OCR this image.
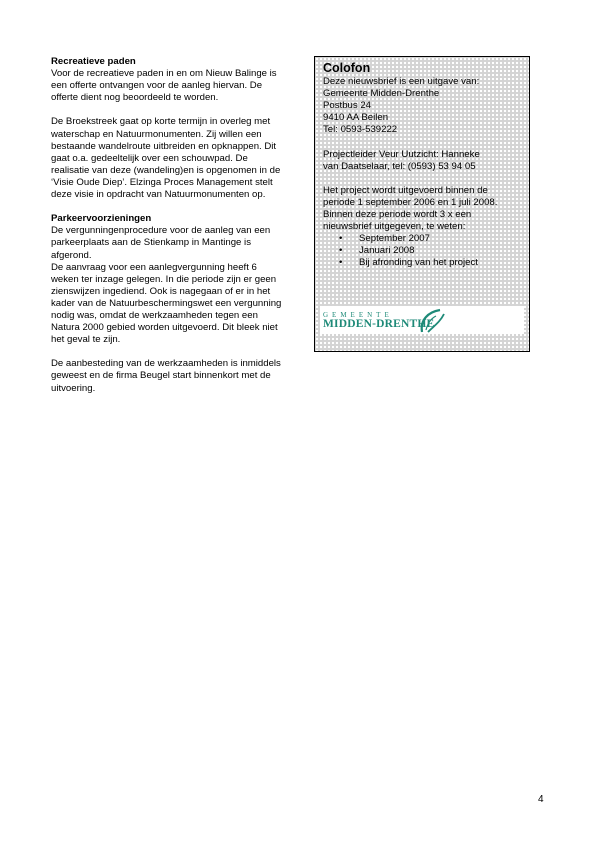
Recreatieve paden

Voor de recreatieve paden in en om Nieuw Balinge is een offerte ontvangen voor de aanleg hiervan. De offerte dient nog beoordeeld te worden.

De Broekstreek gaat op korte termijn in overleg met waterschap en Natuurmonumenten. Zij willen een bestaande wandelroute uitbreiden en opknappen. Dit gaat o.a. gedeeltelijk over een schouwpad. De realisatie van deze (wandeling)en is opgenomen in de ‘Visie Oude Diep’. Elzinga Proces Management stelt deze visie in opdracht van Natuurmonumenten op.

Parkeervoorzieningen

De vergunningenprocedure voor de aanleg van een parkeerplaats aan de Stienkamp in Mantinge is afgerond.

De aanvraag voor een aanlegvergunning heeft 6 weken ter inzage gelegen. In die periode zijn er geen zienswijzen ingediend. Ook is nagegaan of er in het kader van de Natuurbeschermingswet een vergunning nodig was, omdat de werkzaamheden tegen een Natura 2000 gebied worden uitgevoerd. Dit bleek niet het geval te zijn.

De aanbesteding van de werkzaamheden is inmiddels geweest en de firma Beugel start binnenkort met de uitvoering.

Colofon

Deze nieuwsbrief is een uitgave van:
Gemeente Midden-Drenthe
Postbus 24
9410 AA Beilen
Tel: 0593-539222

Projectleider Veur Uutzicht: Hanneke
van Daatselaar, tel: (0593) 53 94 05

Het project wordt uitgevoerd binnen de
periode 1 september 2006 en 1 juli 2008.
Binnen deze periode wordt 3 x een
nieuwsbrief uitgegeven, te weten:

• September 2007
• Januari 2008
• Bij afronding van het project
GEMEENTE
MIDDEN-DRENTHE
4
